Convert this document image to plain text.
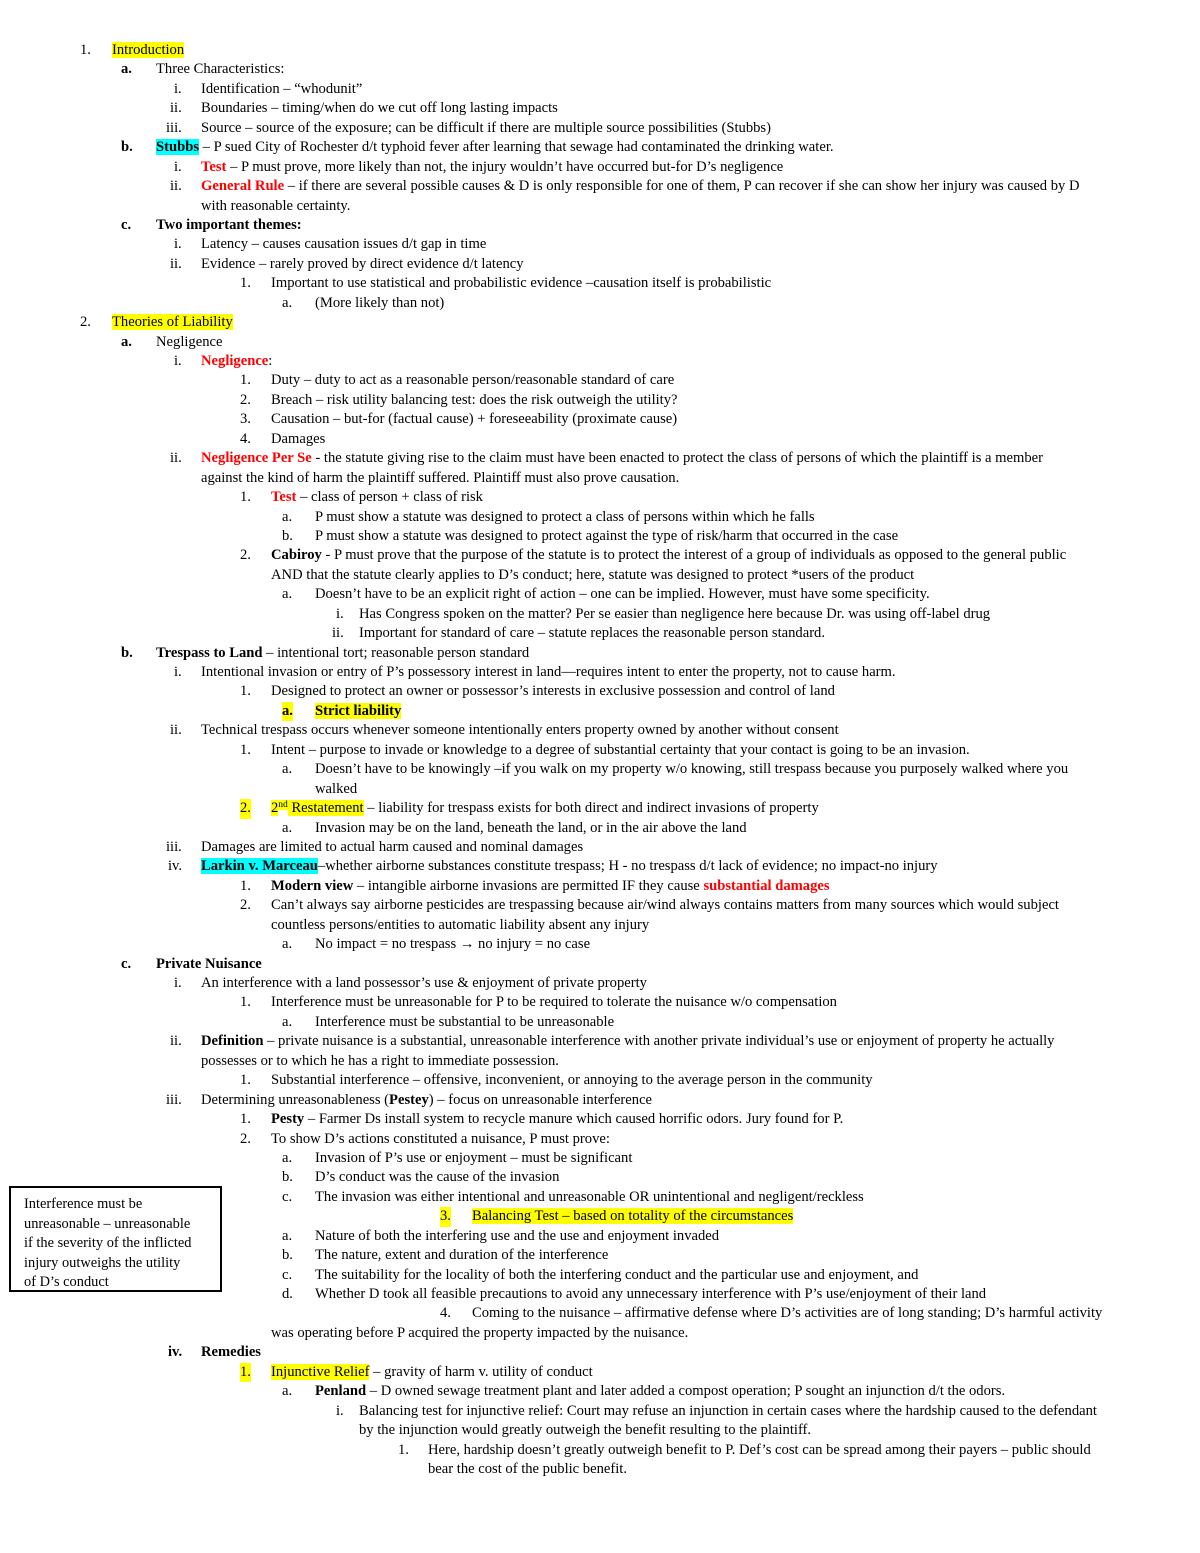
1. Introduction
a. Three Characteristics:
i. Identification – “whodunit”
ii. Boundaries – timing/when do we cut off long lasting impacts
iii. Source – source of the exposure; can be difficult if there are multiple source possibilities (Stubbs)
b. Stubbs – P sued City of Rochester d/t typhoid fever after learning that sewage had contaminated the drinking water.
i. Test – P must prove, more likely than not, the injury wouldn’t have occurred but-for D’s negligence
ii. General Rule – if there are several possible causes & D is only responsible for one of them, P can recover if she can show her injury was caused by D
with reasonable certainty.
c. Two important themes:
i. Latency – causes causation issues d/t gap in time
ii. Evidence – rarely proved by direct evidence d/t latency
1. Important to use statistical and probabilistic evidence –causation itself is probabilistic
a. (More likely than not)
2. Theories of Liability
a. Negligence
i. Negligence:
1. Duty – duty to act as a reasonable person/reasonable standard of care
2. Breach – risk utility balancing test: does the risk outweigh the utility?
3. Causation – but-for (factual cause) + foreseeability (proximate cause)
4. Damages
ii. Negligence Per Se - the statute giving rise to the claim must have been enacted to protect the class of persons of which the plaintiff is a member
against the kind of harm the plaintiff suffered. Plaintiff must also prove causation.
1. Test – class of person + class of risk
a. P must show a statute was designed to protect a class of persons within which he falls
b. P must show a statute was designed to protect against the type of risk/harm that occurred in the case
2. Cabiroy - P must prove that the purpose of the statute is to protect the interest of a group of individuals as opposed to the general public
AND that the statute clearly applies to D’s conduct; here, statute was designed to protect *users of the product
a. Doesn’t have to be an explicit right of action – one can be implied. However, must have some specificity.
i. Has Congress spoken on the matter? Per se easier than negligence here because Dr. was using off-label drug
ii. Important for standard of care – statute replaces the reasonable person standard.
b. Trespass to Land – intentional tort; reasonable person standard
i. Intentional invasion or entry of P’s possessory interest in land—requires intent to enter the property, not to cause harm.
1. Designed to protect an owner or possessor’s interests in exclusive possession and control of land
a. Strict liability
ii. Technical trespass occurs whenever someone intentionally enters property owned by another without consent
1. Intent – purpose to invade or knowledge to a degree of substantial certainty that your contact is going to be an invasion.
a. Doesn’t have to be knowingly –if you walk on my property w/o knowing, still trespass because you purposely walked where you
walked
2. 2nd Restatement – liability for trespass exists for both direct and indirect invasions of property
a. Invasion may be on the land, beneath the land, or in the air above the land
iii. Damages are limited to actual harm caused and nominal damages
iv. Larkin v. Marceau–whether airborne substances constitute trespass; H - no trespass d/t lack of evidence; no impact-no injury
1. Modern view – intangible airborne invasions are permitted IF they cause substantial damages
2. Can’t always say airborne pesticides are trespassing because air/wind always contains matters from many sources which would subject
countless persons/entities to automatic liability absent any injury
a. No impact = no trespass → no injury = no case
c. Private Nuisance
i. An interference with a land possessor’s use & enjoyment of private property
1. Interference must be unreasonable for P to be required to tolerate the nuisance w/o compensation
a. Interference must be substantial to be unreasonable
ii. Definition – private nuisance is a substantial, unreasonable interference with another private individual’s use or enjoyment of property he actually
possesses or to which he has a right to immediate possession.
1. Substantial interference – offensive, inconvenient, or annoying to the average person in the community
iii. Determining unreasonableness (Pestey) – focus on unreasonable interference
1. Pesty – Farmer Ds install system to recycle manure which caused horrific odors. Jury found for P.
2. To show D’s actions constituted a nuisance, P must prove:
a. Invasion of P’s use or enjoyment – must be significant
b. D’s conduct was the cause of the invasion
c. The invasion was either intentional and unreasonable OR unintentional and negligent/reckless
3. Balancing Test – based on totality of the circumstances
a. Nature of both the interfering use and the use and enjoyment invaded
b. The nature, extent and duration of the interference
c. The suitability for the locality of both the interfering conduct and the particular use and enjoyment, and
d. Whether D took all feasible precautions to avoid any unnecessary interference with P’s use/enjoyment of their land
4. Coming to the nuisance – affirmative defense where D’s activities are of long standing; D’s harmful activity
was operating before P acquired the property impacted by the nuisance.
iv. Remedies
1. Injunctive Relief – gravity of harm v. utility of conduct
a. Penland – D owned sewage treatment plant and later added a compost operation; P sought an injunction d/t the odors.
i. Balancing test for injunctive relief: Court may refuse an injunction in certain cases where the hardship caused to the defendant
by the injunction would greatly outweigh the benefit resulting to the plaintiff.
1. Here, hardship doesn’t greatly outweigh benefit to P. Def’s cost can be spread among their payers – public should
bear the cost of the public benefit.
Interference must be
unreasonable – unreasonable
if the severity of the inflicted
injury outweighs the utility
of D’s conduct
